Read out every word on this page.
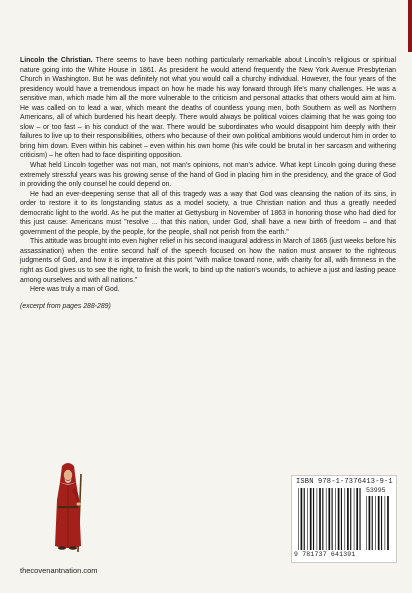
Lincoln the Christian. There seems to have been nothing particularly remarkable about Lincoln's religious or spiritual nature going into the White House in 1861. As president he would attend frequently the New York Avenue Presbyterian Church in Washington. But he was definitely not what you would call a churchy individual. However, the four years of the presidency would have a tremendous impact on how he made his way forward through life's many challenges. He was a sensitive man, which made him all the more vulnerable to the criticism and personal attacks that others would aim at him. He was called on to lead a war, which meant the deaths of countless young men, both Southern as well as Northern Americans, all of which burdened his heart deeply. There would always be political voices claiming that he was going too slow – or too fast – in his conduct of the war. There would be subordinates who would disappoint him deeply with their failures to live up to their responsibilities, others who because of their own political ambitions would undercut him in order to bring him down. Even within his cabinet – even within his own home (his wife could be brutal in her sarcasm and withering criticism) – he often had to face dispiriting opposition.

What held Lincoln together was not man, not man's opinions, not man's advice. What kept Lincoln going during these extremely stressful years was his growing sense of the hand of God in placing him in the presidency, and the grace of God in providing the only counsel he could depend on.

He had an ever-deepening sense that all of this tragedy was a way that God was cleansing the nation of its sins, in order to restore it to its longstanding status as a model society, a true Christian nation and thus a greatly needed democratic light to the world. As he put the matter at Gettysburg in November of 1863 in honoring those who had died for this just cause: Americans must "resolve ... that this nation, under God, shall have a new birth of freedom – and that government of the people, by the people, for the people, shall not perish from the earth."

This attitude was brought into even higher relief in his second inaugural address in March of 1865 (just weeks before his assassination) when the entire second half of the speech focused on how the nation must answer to the righteous judgments of God, and how it is imperative at this point "with malice toward none, with charity for all, with firmness in the right as God gives us to see the right, to finish the work, to bind up the nation's wounds, to achieve a just and lasting peace among ourselves and with all nations."

Here was truly a man of God.

(excerpt from pages 288-289)

thecovenantnation.com
ISBN 978-1-7376413-9-1
53995
9 781737 641391
